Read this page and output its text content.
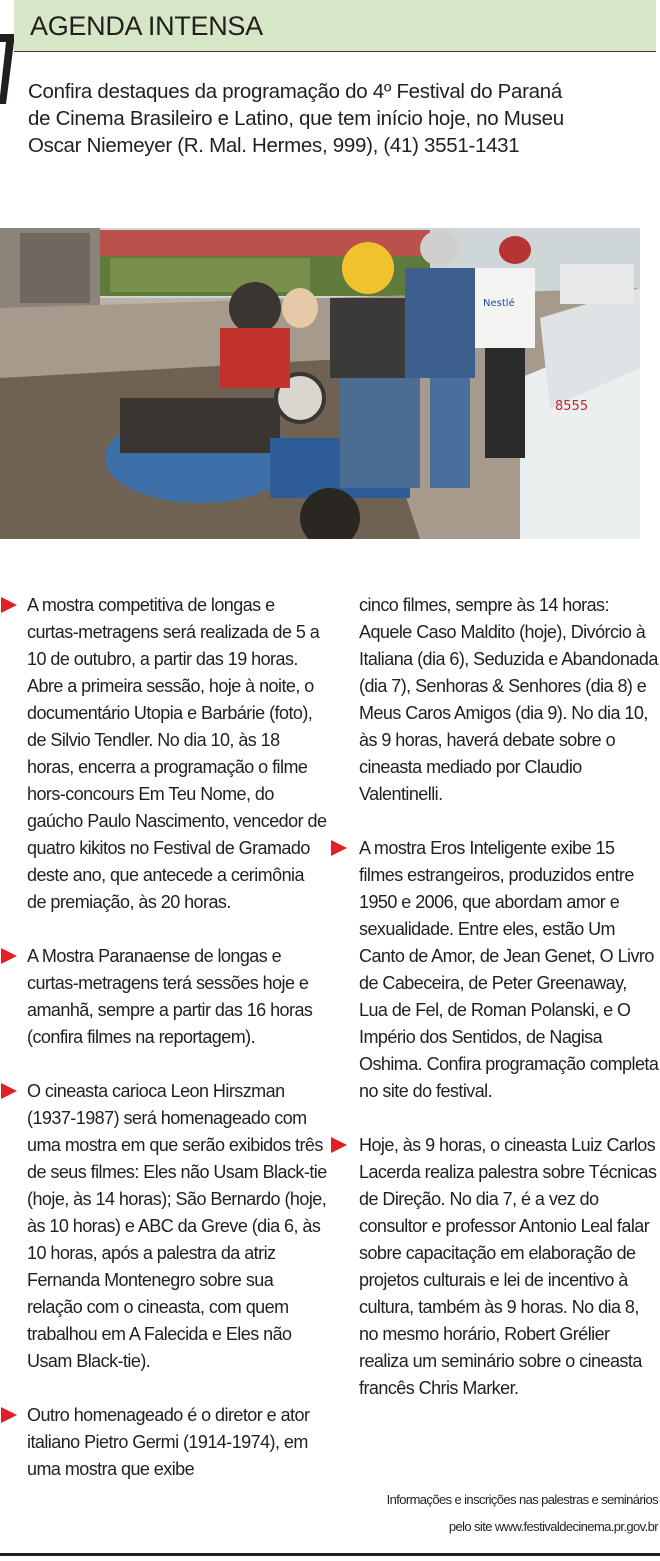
AGENDA INTENSA

Confira destaques da programação do 4º Festival do Paraná de Cinema Brasileiro e Latino, que tem início hoje, no Museu Oscar Niemeyer (R. Mal. Hermes, 999), (41) 3551-1431

8555
Nestlé

A mostra competitiva de longas e curtas-metragens será realizada de 5 a 10 de outubro, a partir das 19 horas. Abre a primeira sessão, hoje à noite, o documentário Utopia e Barbárie (foto), de Silvio Tendler. No dia 10, às 18 horas, encerra a programação o filme hors-concours Em Teu Nome, do gaúcho Paulo Nascimento, vencedor de quatro kikitos no Festival de Gramado deste ano, que antecede a cerimônia de premiação, às 20 horas.

A Mostra Paranaense de longas e curtas-metragens terá sessões hoje e amanhã, sempre a partir das 16 horas (confira filmes na reportagem).

O cineasta carioca Leon Hirszman (1937-1987) será homenageado com uma mostra em que serão exibidos três de seus filmes: Eles não Usam Black-tie (hoje, às 14 horas); São Bernardo (hoje, às 10 horas) e ABC da Greve (dia 6, às 10 horas, após a palestra da atriz Fernanda Montenegro sobre sua relação com o cineasta, com quem trabalhou em A Falecida e Eles não Usam Black-tie).

Outro homenageado é o diretor e ator italiano Pietro Germi (1914-1974), em uma mostra que exibe

cinco filmes, sempre às 14 horas: Aquele Caso Maldito (hoje), Divórcio à Italiana (dia 6), Seduzida e Abandonada (dia 7), Senhoras & Senhores (dia 8) e Meus Caros Amigos (dia 9). No dia 10, às 9 horas, haverá debate sobre o cineasta mediado por Claudio Valentinelli.

A mostra Eros Inteligente exibe 15 filmes estrangeiros, produzidos entre 1950 e 2006, que abordam amor e sexualidade. Entre eles, estão Um Canto de Amor, de Jean Genet, O Livro de Cabeceira, de Peter Greenaway, Lua de Fel, de Roman Polanski, e O Império dos Sentidos, de Nagisa Oshima. Confira programação completa no site do festival.

Hoje, às 9 horas, o cineasta Luiz Carlos Lacerda realiza palestra sobre Técnicas de Direção. No dia 7, é a vez do consultor e professor Antonio Leal falar sobre capacitação em elaboração de projetos culturais e lei de incentivo à cultura, também às 9 horas. No dia 8, no mesmo horário, Robert Grélier realiza um seminário sobre o cineasta francês Chris Marker.

Informações e inscrições nas palestras e seminários pelo site www.festivaldecinema.pr.gov.br
